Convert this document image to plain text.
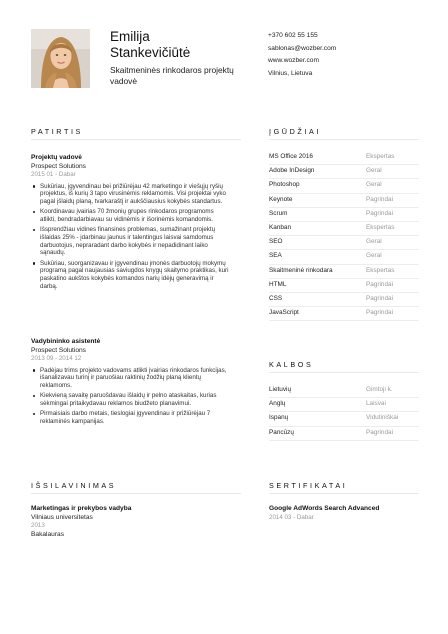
Emilija
Stankevičiūtė
Skaitmeninės rinkodaros projektų vadovė
+370 602 55 155
sablonas@wozber.com
www.wozber.com
Vilnius, Lietuva
PATIRTIS
Projektų vadovė
Prospect Solutions
2015 01 - Dabar
Sukūriau, įgyvendinau bei prižiūrėjau 42 marketingo ir viešųjų ryšių projektus, iš kurių 3 tapo virusinėmis reklamomis. Visi projektai vyko pagal įšlaidų planą, tvarkaraštį ir aukščiausius kokybės standartus.
Koordinavau įvairias 70 žmonių grupes rinkodaros programoms atlikti, bendradarbiavau su vidinėmis ir išorinėmis komandomis.
Išsprendžiau vidines finansines problemas, sumažinant projektų išlaidas 25% - įdarbinau jaunus ir talentingus laisvai samdomus darbuotojus, nepraradant darbo kokybės ir nepadidinant laiko sąnaudų.
Sukūriau, suorganizavau ir įgyvendinau įmonės darbuotojų mokymų programą pagal naujausias saviugdos knygų skaitymo praktikas, kuri paskatino aukštos kokybės komandos narių idėjų generavimą ir darbą.
Vadybininko asistentė
Prospect Solutions
2013 09 - 2014 12
Padėjau trims projekto vadovams atlikti įvairias rinkodaros funkcijas, išanalizavau turinį ir paruošiau raktinių žodžių planą klientų reklamoms.
Kiekvieną savaitę paruošdavau išlaidų ir pelno ataskaitas, kurias sėkmingai pritaikydavau reklamos biudžeto planavimui.
Pirmaisiais darbo metais, tieslogiai įgyvendinau ir prižiūrėjau 7 reklaminės kampanijas.
ĮGŪDŽIAI
MS Office 2016	Ekspertas
Adobe InDesign	Geral
Photoshop	Geral
Keynote	Pagrindai
Scrum	Pagrindai
Kanban	Ekspertas
SEO	Geral
SEA	Geral
Skaitmeninė rinkodara	Ekspertas
HTML	Pagrindai
CSS	Pagrindai
JavaScript	Pagrindai
KALBOS
Lietuvių	Gimtoji k.
Anglų	Laisvai
Ispanų	Vidutiniškai
Pancūzų	Pagrindai
IŠSILAVINIMAS
Marketingas ir prekybos vadyba
Vilniaus universitetas
2013
Bakalauras
SERTIFIKATAI
Google AdWords Search Advanced
2014 03 - Dabar
